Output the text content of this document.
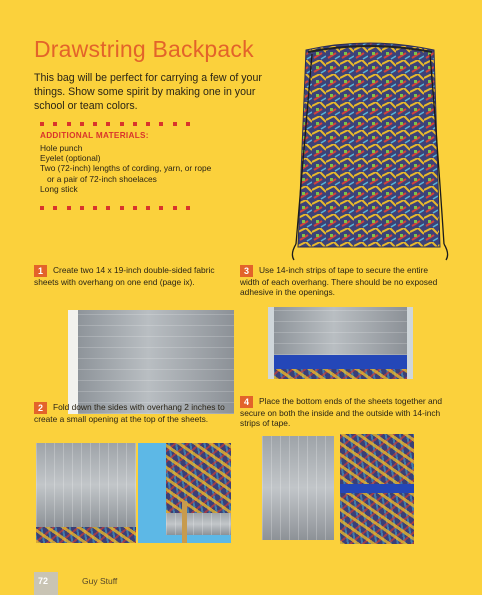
Drawstring Backpack
This bag will be perfect for carrying a few of your things. Show some spirit by making one in your school or team colors.
ADDITIONAL MATERIALS:
Hole punch
Eyelet (optional)
Two (72-inch) lengths of cording, yarn, or rope
or a pair of 72-inch shoelaces
Long stick
1 Create two 14 x 19-inch double-sided fabric sheets with overhang on one end (page ix).
2 Fold down the sides with overhang 2 inches to create a small opening at the top of the sheets.
3 Use 14-inch strips of tape to secure the entire width of each overhang. There should be no exposed adhesive in the openings.
4 Place the bottom ends of the sheets together and secure on both the inside and the outside with 14-inch strips of tape.
72	Guy Stuff
